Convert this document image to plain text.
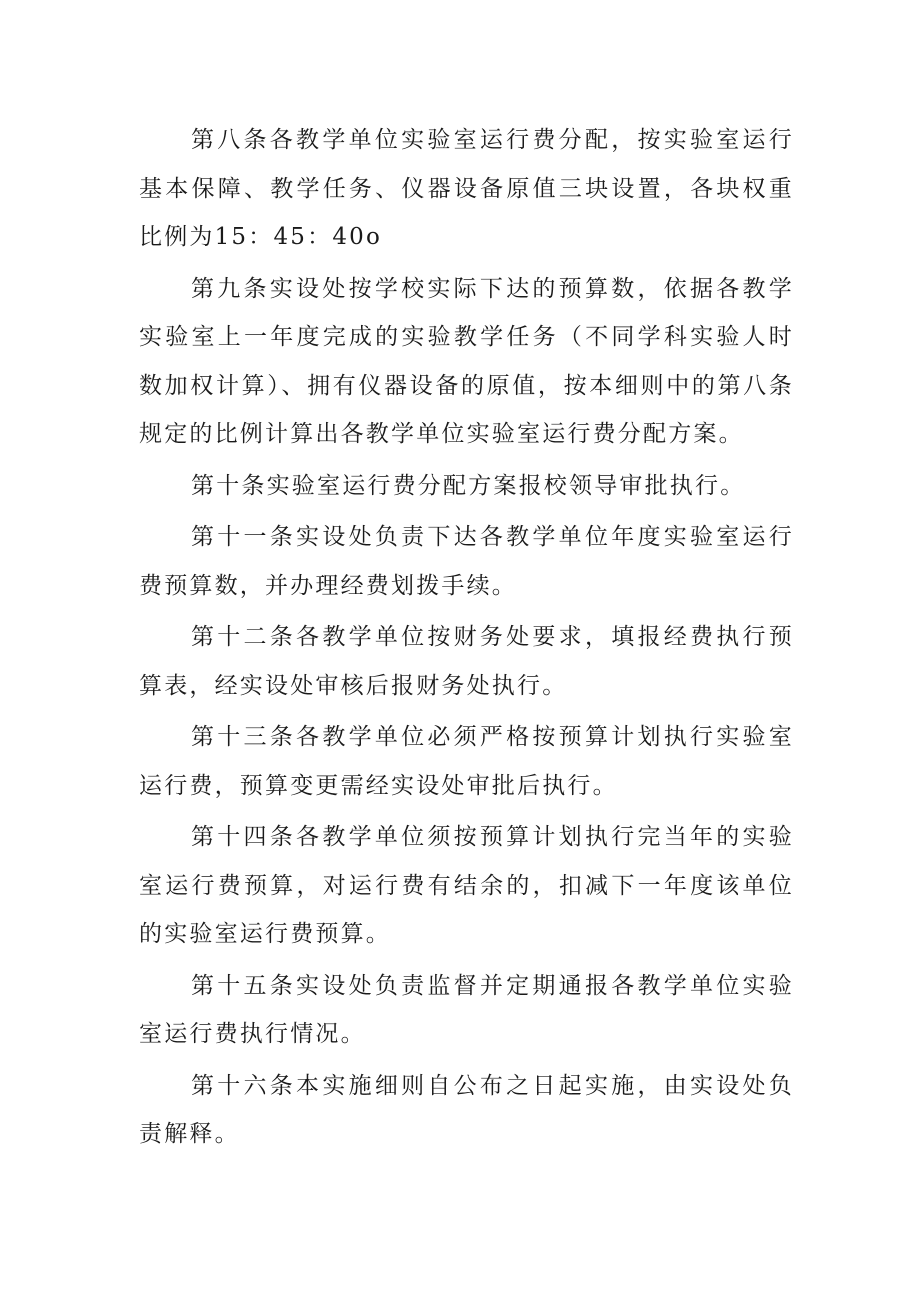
第八条各教学单位实验室运行费分配，按实验室运行基本保障、教学任务、仪器设备原值三块设置，各块权重比例为15：45：40o

第九条实设处按学校实际下达的预算数，依据各教学实验室上一年度完成的实验教学任务（不同学科实验人时数加权计算）、拥有仪器设备的原值，按本细则中的第八条规定的比例计算出各教学单位实验室运行费分配方案。

第十条实验室运行费分配方案报校领导审批执行。

第十一条实设处负责下达各教学单位年度实验室运行费预算数，并办理经费划拨手续。

第十二条各教学单位按财务处要求，填报经费执行预算表，经实设处审核后报财务处执行。

第十三条各教学单位必须严格按预算计划执行实验室运行费，预算变更需经实设处审批后执行。

第十四条各教学单位须按预算计划执行完当年的实验室运行费预算，对运行费有结余的，扣减下一年度该单位的实验室运行费预算。

第十五条实设处负责监督并定期通报各教学单位实验室运行费执行情况。

第十六条本实施细则自公布之日起实施，由实设处负责解释。
